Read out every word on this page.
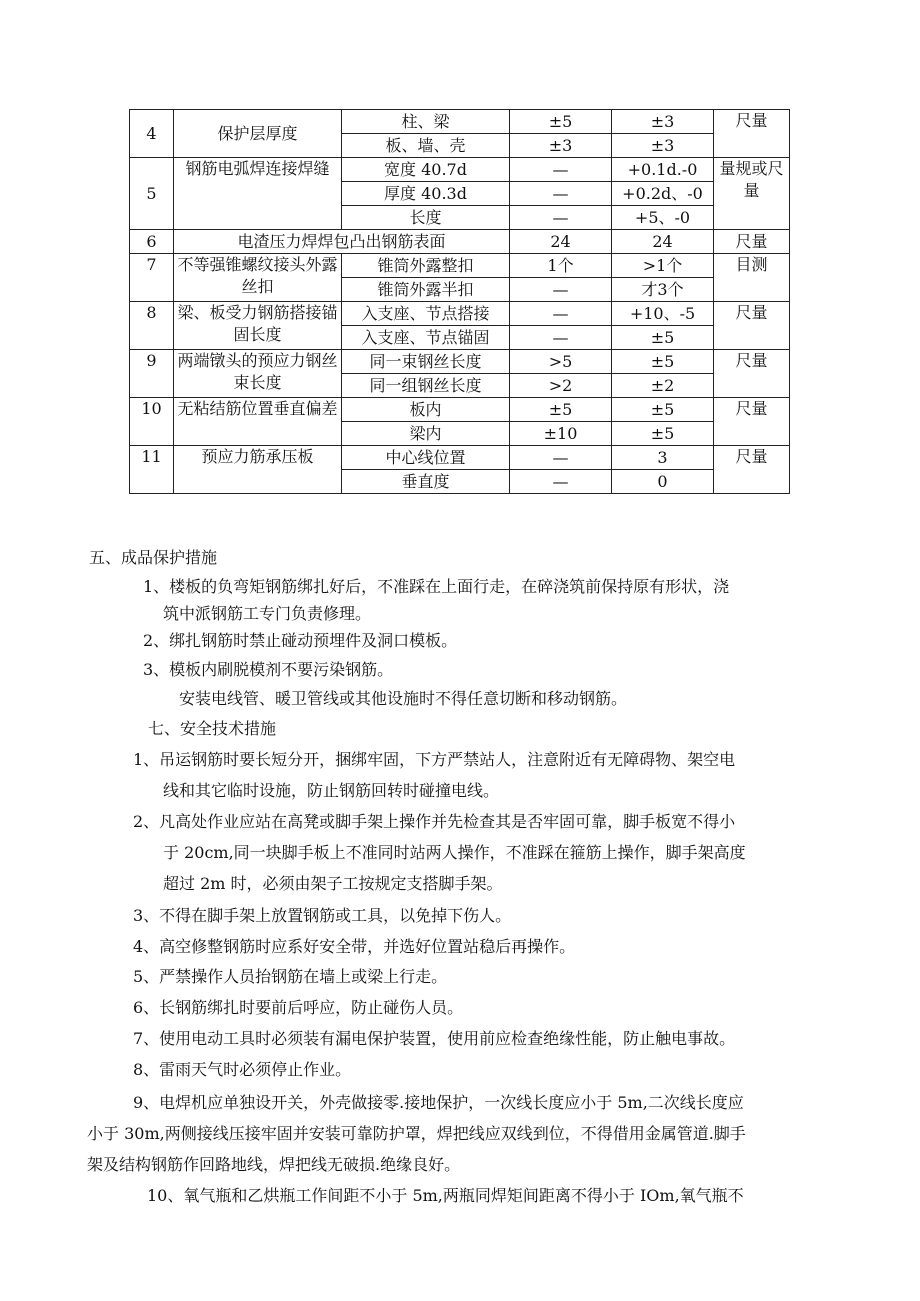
4	保护层厚度	柱、梁	±5	±3	尺量
		板、墙、壳	±3	±3	
5	钢筋电弧焊连接焊缝	宽度 40.7d	—	+0.1d.-0	量规或尺量
		厚度 40.3d	—	+0.2d、-0	
		长度	—	+5、-0	
6	电渣压力焊焊包凸出钢筋表面		24	24	尺量
7	不等强锥螺纹接头外露丝扣	锥筒外露整扣	1个	>1个	目测
		锥筒外露半扣	—	才3个	
8	梁、板受力钢筋搭接锚固长度	入支座、节点搭接	—	+10、-5	尺量
		入支座、节点锚固	—	±5	
9	两端镦头的预应力钢丝束长度	同一束钢丝长度	>5	±5	尺量
		同一组钢丝长度	>2	±2	
10	无粘结筋位置垂直偏差	板内	±5	±5	尺量
		梁内	±10	±5	
11	预应力筋承压板	中心线位置	—	3	尺量
		垂直度	—	0	

五、成品保护措施

1、楼板的负弯矩钢筋绑扎好后，不准踩在上面行走，在碎浇筑前保持原有形状，浇

筑中派钢筋工专门负责修理。

2、绑扎钢筋时禁止碰动预埋件及洞口模板。

3、模板内刷脱模剂不要污染钢筋。

安装电线管、暖卫管线或其他设施时不得任意切断和移动钢筋。

七、安全技术措施

1、吊运钢筋时要长短分开，捆绑牢固，下方严禁站人，注意附近有无障碍物、架空电

线和其它临时设施，防止钢筋回转时碰撞电线。

2、凡高处作业应站在高凳或脚手架上操作并先检查其是否牢固可靠，脚手板宽不得小

于 20cm,同一块脚手板上不准同时站两人操作，不准踩在箍筋上操作，脚手架高度

超过 2m 时，必须由架子工按规定支搭脚手架。

3、不得在脚手架上放置钢筋或工具，以免掉下伤人。

4、高空修整钢筋时应系好安全带，并选好位置站稳后再操作。

5、严禁操作人员抬钢筋在墙上或梁上行走。

6、长钢筋绑扎时要前后呼应，防止碰伤人员。

7、使用电动工具时必须装有漏电保护装置，使用前应检查绝缘性能，防止触电事故。

8、雷雨天气时必须停止作业。

9、电焊机应单独设开关，外壳做接零.接地保护，一次线长度应小于 5m,二次线长度应

小于 30m,两侧接线压接牢固并安装可靠防护罩，焊把线应双线到位，不得借用金属管道.脚手

架及结构钢筋作回路地线，焊把线无破损.绝缘良好。

10、氧气瓶和乙烘瓶工作间距不小于 5m,两瓶同焊矩间距离不得小于 IOm,氧气瓶不
